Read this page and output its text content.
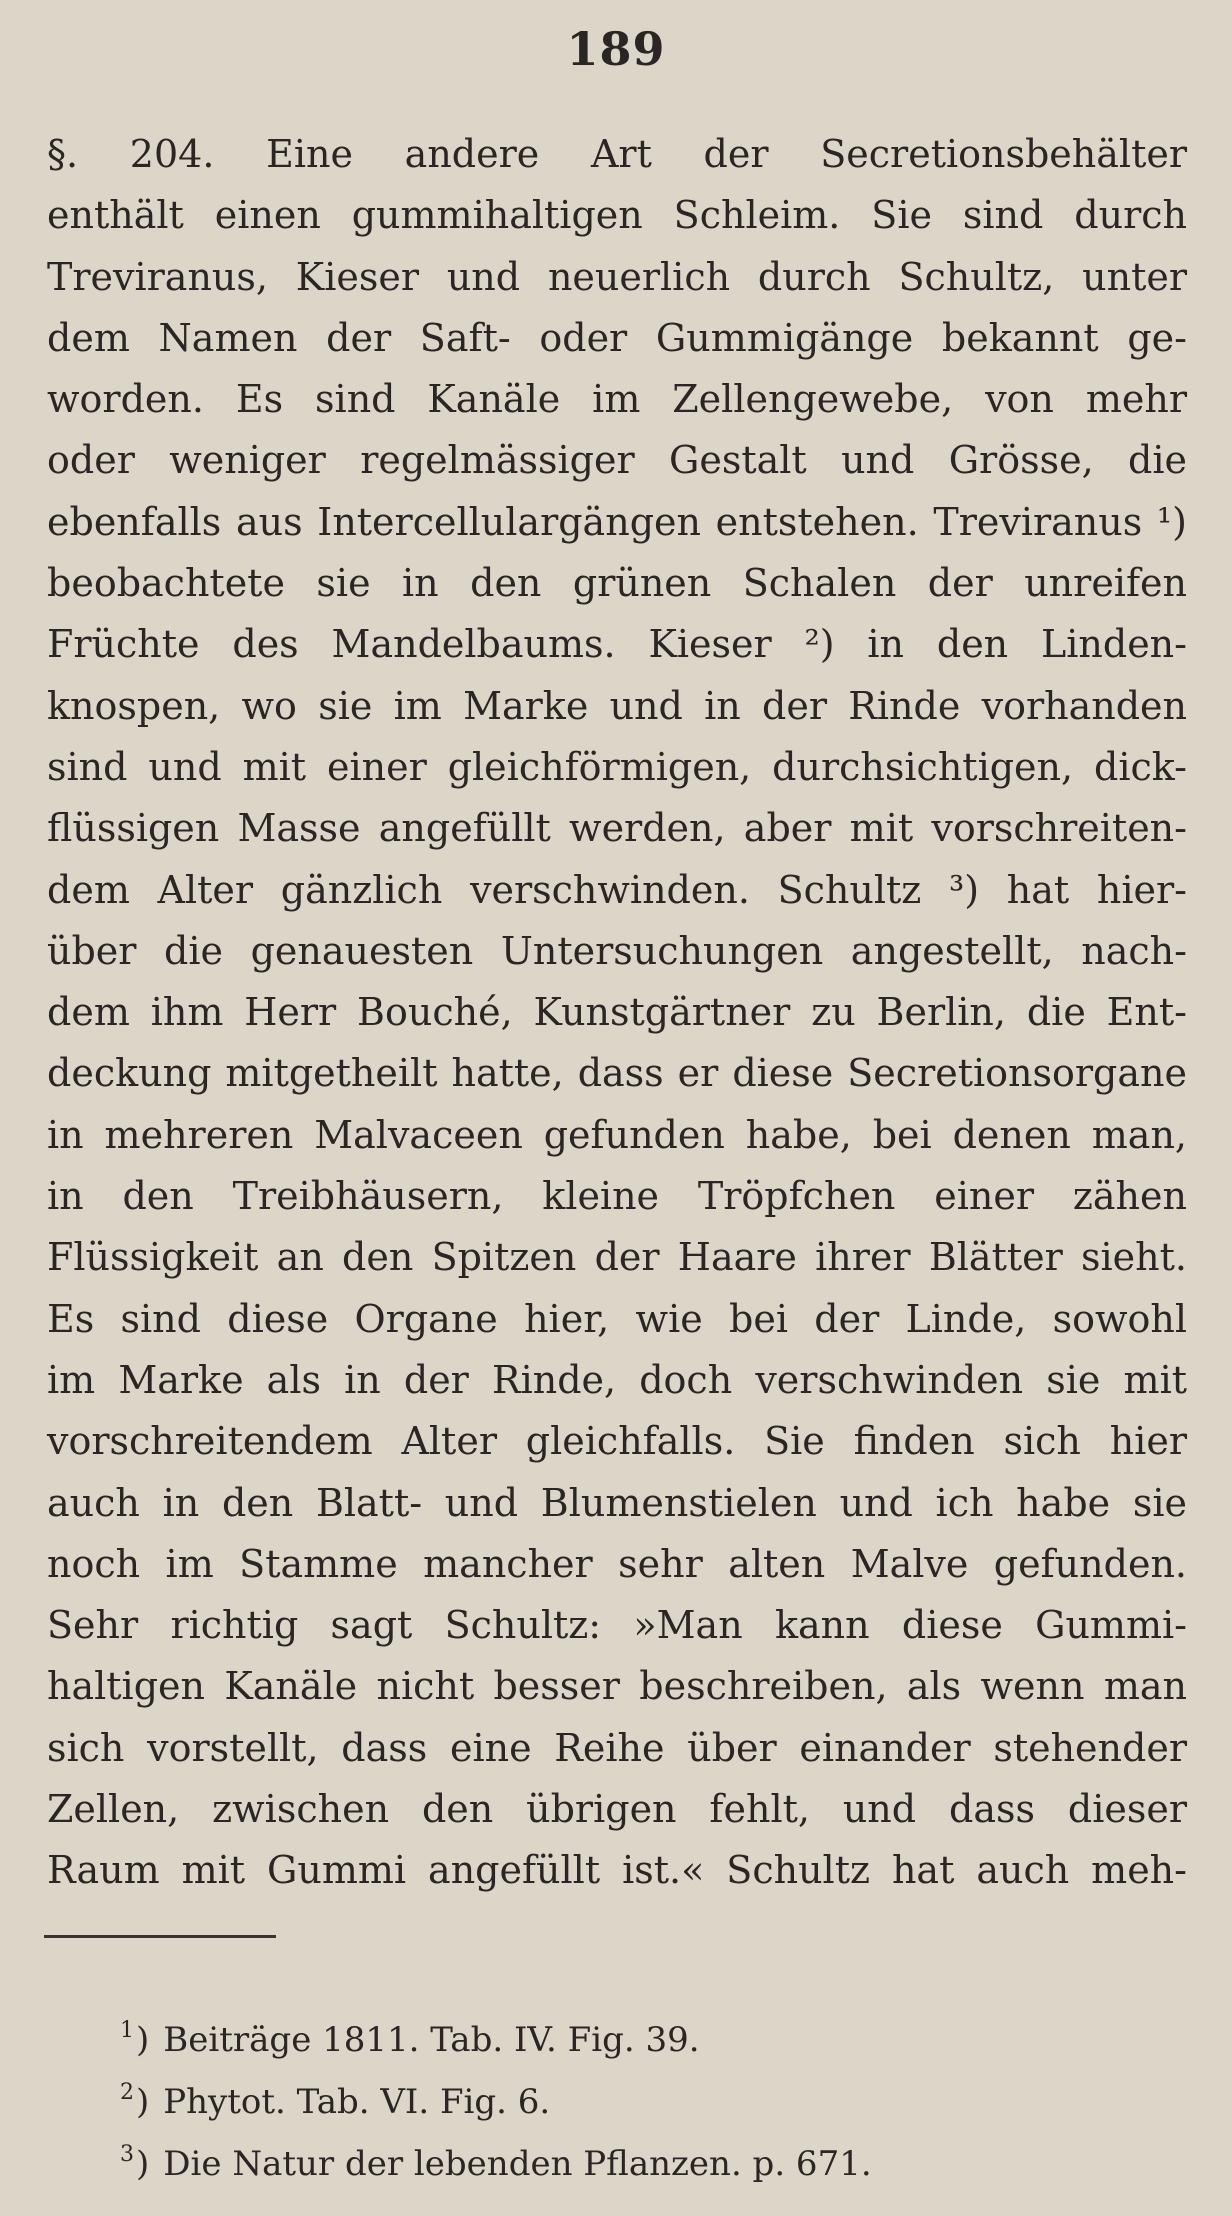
189
§. 204. Eine andere Art der Secretionsbehälter
enthält einen gummihaltigen Schleim. Sie sind durch
Treviranus, Kieser und neuerlich durch Schultz, unter
dem Namen der Saft- oder Gummigänge bekannt ge-
worden. Es sind Kanäle im Zellengewebe, von mehr
oder weniger regelmässiger Gestalt und Grösse, die
ebenfalls aus Intercellulargängen entstehen. Treviranus ¹)
beobachtete sie in den grünen Schalen der unreifen
Früchte des Mandelbaums. Kieser ²) in den Linden-
knospen, wo sie im Marke und in der Rinde vorhanden
sind und mit einer gleichförmigen, durchsichtigen, dick-
flüssigen Masse angefüllt werden, aber mit vorschreiten-
dem Alter gänzlich verschwinden. Schultz ³) hat hier-
über die genauesten Untersuchungen angestellt, nach-
dem ihm Herr Bouché, Kunstgärtner zu Berlin, die Ent-
deckung mitgetheilt hatte, dass er diese Secretionsorgane
in mehreren Malvaceen gefunden habe, bei denen man,
in den Treibhäusern, kleine Tröpfchen einer zähen
Flüssigkeit an den Spitzen der Haare ihrer Blätter sieht.
Es sind diese Organe hier, wie bei der Linde, sowohl
im Marke als in der Rinde, doch verschwinden sie mit
vorschreitendem Alter gleichfalls. Sie finden sich hier
auch in den Blatt- und Blumenstielen und ich habe sie
noch im Stamme mancher sehr alten Malve gefunden.
Sehr richtig sagt Schultz: »Man kann diese Gummi-
haltigen Kanäle nicht besser beschreiben, als wenn man
sich vorstellt, dass eine Reihe über einander stehender
Zellen, zwischen den übrigen fehlt, und dass dieser
Raum mit Gummi angefüllt ist.« Schultz hat auch meh-
$^1$) Beiträge 1811. Tab. IV. Fig. 39.
$^2$) Phytot. Tab. VI. Fig. 6.
$^3$) Die Natur der lebenden Pflanzen. p. 671.
